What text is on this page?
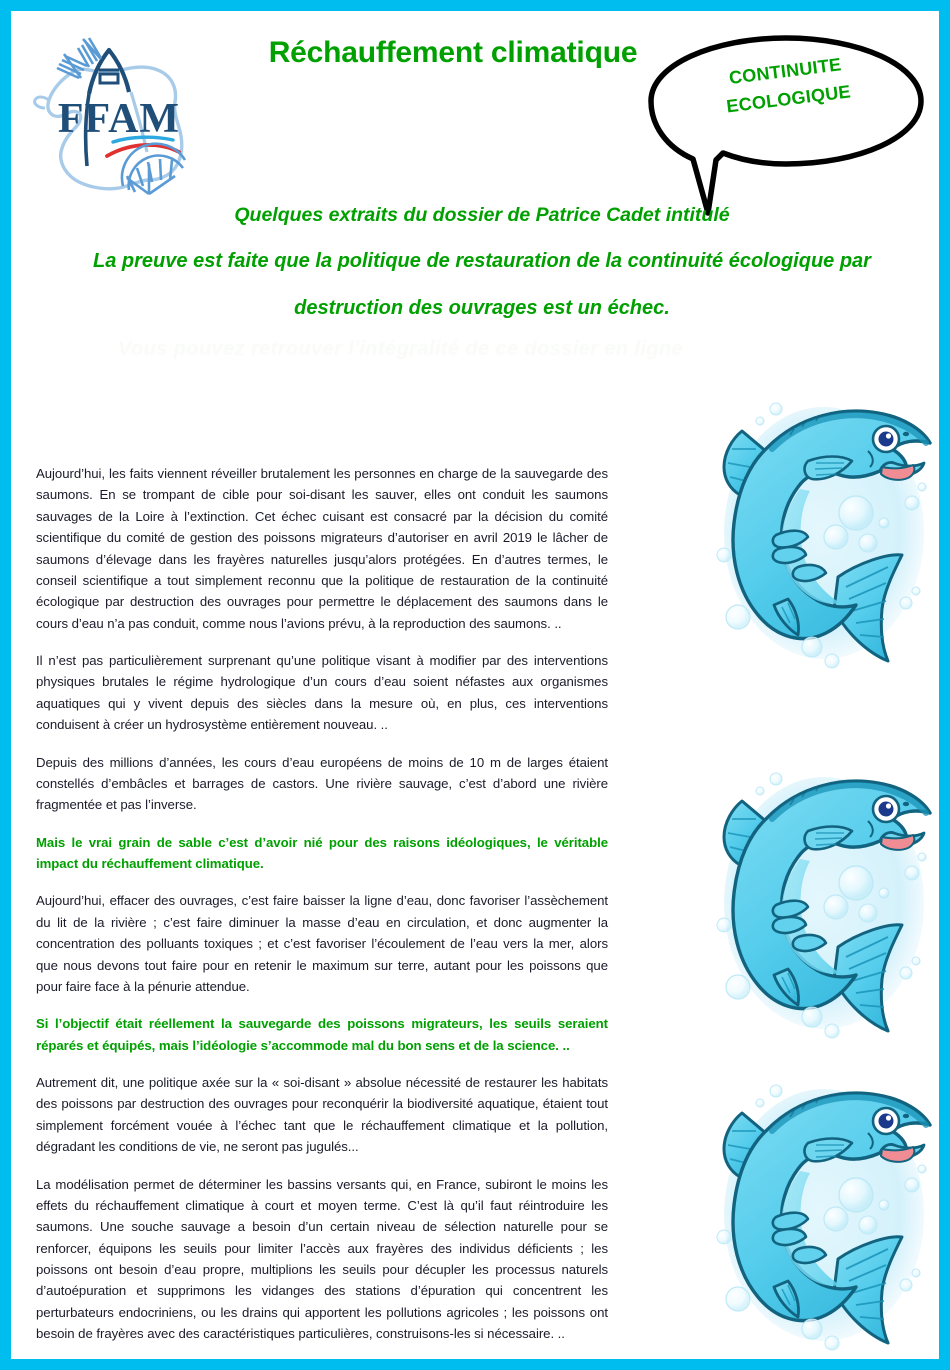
FFAM
Réchauffement climatique
CONTINUITE
ECOLOGIQUE
Quelques extraits du dossier de Patrice Cadet intitulé
La preuve est faite que la politique de restauration de la continuité écologique par
destruction des ouvrages est un échec.
Vous pouvez retrouver l'intégralité de ce dossier en ligne

Aujourd’hui, les faits viennent réveiller brutalement les personnes en charge de la sauvegarde des saumons. En se trompant de cible pour soi-disant les sauver, elles ont conduit les saumons sauvages de la Loire à l’extinction. Cet échec cuisant est consacré par la décision du comité scientifique du comité de gestion des poissons migrateurs d’autoriser en avril 2019 le lâcher de saumons d’élevage dans les frayères naturelles jusqu’alors protégées. En d’autres termes, le conseil scientifique a tout simplement reconnu que la politique de restauration de la continuité écologique par destruction des ouvrages pour permettre le déplacement des saumons dans le cours d’eau n’a pas conduit, comme nous l’avions prévu, à la reproduction des saumons. ..

Il n’est pas particulièrement surprenant qu’une politique visant à modifier par des interventions physiques brutales le régime hydrologique d’un cours d’eau soient néfastes aux organismes aquatiques qui y vivent depuis des siècles dans la mesure où, en plus, ces interventions conduisent à créer un hydrosystème entièrement nouveau. ..

Depuis des millions d’années, les cours d’eau européens de moins de 10 m de larges étaient constellés d’embâcles et barrages de castors. Une rivière sauvage, c’est d’abord une rivière fragmentée et pas l’inverse.

Mais le vrai grain de sable c’est d’avoir nié pour des raisons idéologiques, le véritable impact du réchauffement climatique.

Aujourd’hui, effacer des ouvrages, c’est faire baisser la ligne d’eau, donc favoriser l’assèchement du lit de la rivière ; c’est faire diminuer la masse d’eau en circulation, et donc augmenter la concentration des polluants toxiques ; et c’est favoriser l’écoulement de l’eau vers la mer, alors que nous devons tout faire pour en retenir le maximum sur terre, autant pour les poissons que pour faire face à la pénurie attendue.

Si l’objectif était réellement la sauvegarde des poissons migrateurs, les seuils seraient réparés et équipés, mais l’idéologie s’accommode mal du bon sens et de la science. ..

Autrement dit, une politique axée sur la « soi-disant » absolue nécessité de restaurer les habitats des poissons par destruction des ouvrages pour reconquérir la biodiversité aquatique, étaient tout simplement forcément vouée à l’échec tant que le réchauffement climatique et la pollution, dégradant les conditions de vie, ne seront pas jugulés...

La modélisation permet de déterminer les bassins versants qui, en France, subiront le moins les effets du réchauffement climatique à court et moyen terme. C’est là qu’il faut réintroduire les saumons. Une souche sauvage a besoin d’un certain niveau de sélection naturelle pour se renforcer, équipons les seuils pour limiter l’accès aux frayères des individus déficients ; les poissons ont besoin d’eau propre, multiplions les seuils pour décupler les processus naturels d’autoépuration et supprimons les vidanges des stations d’épuration qui concentrent les perturbateurs endocriniens, ou les drains qui apportent les pollutions agricoles ; les poissons ont besoin de frayères avec des caractéristiques particulières, construisons-les si nécessaire. ..
